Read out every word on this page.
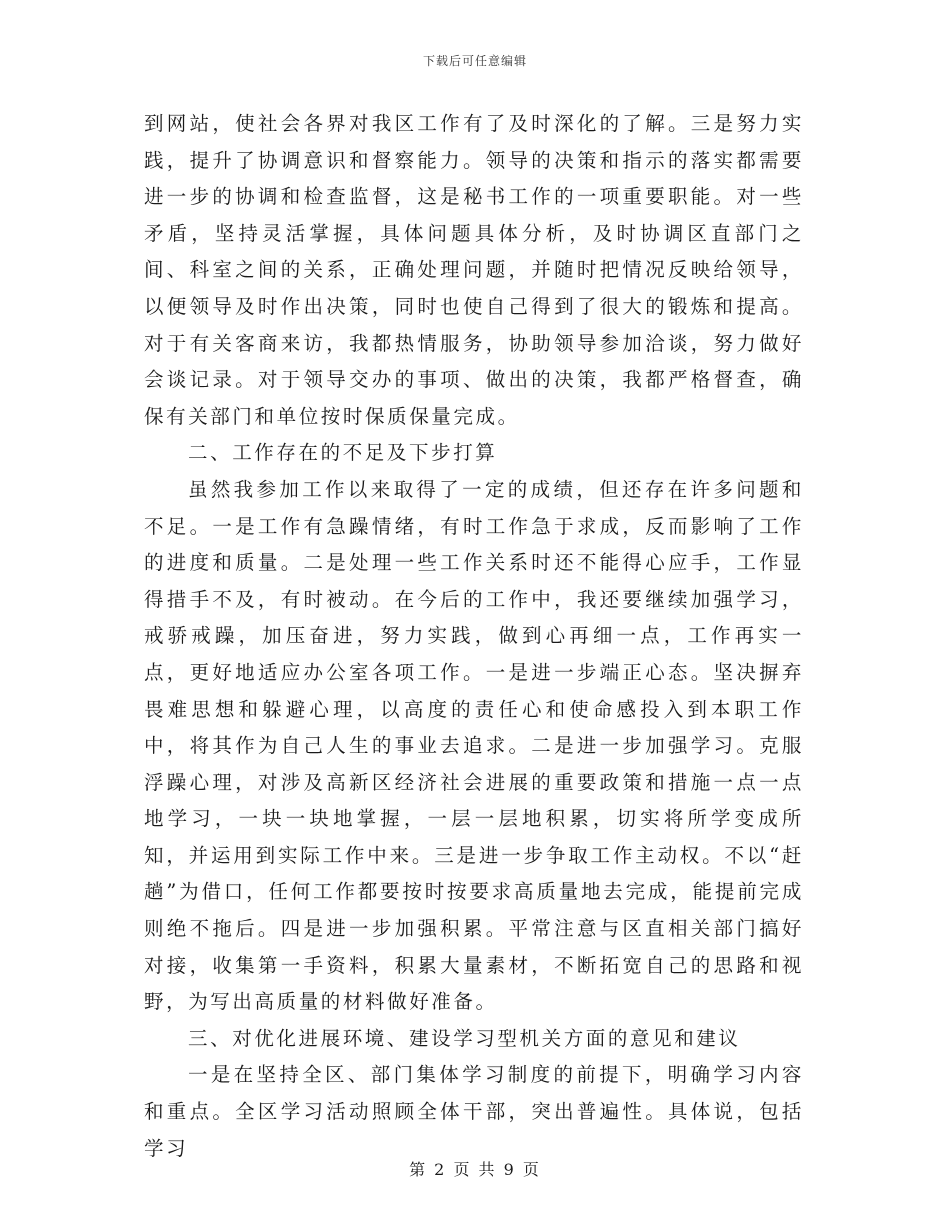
下载后可任意编辑

到网站，使社会各界对我区工作有了及时深化的了解。三是努力实践，提升了协调意识和督察能力。领导的决策和指示的落实都需要进一步的协调和检查监督，这是秘书工作的一项重要职能。对一些矛盾，坚持灵活掌握，具体问题具体分析，及时协调区直部门之间、科室之间的关系，正确处理问题，并随时把情况反映给领导，以便领导及时作出决策，同时也使自己得到了很大的锻炼和提高。对于有关客商来访，我都热情服务，协助领导参加洽谈，努力做好会谈记录。对于领导交办的事项、做出的决策，我都严格督查，确保有关部门和单位按时保质保量完成。

二、工作存在的不足及下步打算

虽然我参加工作以来取得了一定的成绩，但还存在许多问题和不足。一是工作有急躁情绪，有时工作急于求成，反而影响了工作的进度和质量。二是处理一些工作关系时还不能得心应手，工作显得措手不及，有时被动。在今后的工作中，我还要继续加强学习，戒骄戒躁，加压奋进，努力实践，做到心再细一点，工作再实一点，更好地适应办公室各项工作。一是进一步端正心态。坚决摒弃畏难思想和躲避心理，以高度的责任心和使命感投入到本职工作中，将其作为自己人生的事业去追求。二是进一步加强学习。克服浮躁心理，对涉及高新区经济社会进展的重要政策和措施一点一点地学习，一块一块地掌握，一层一层地积累，切实将所学变成所知，并运用到实际工作中来。三是进一步争取工作主动权。不以“赶趟”为借口，任何工作都要按时按要求高质量地去完成，能提前完成则绝不拖后。四是进一步加强积累。平常注意与区直相关部门搞好对接，收集第一手资料，积累大量素材，不断拓宽自己的思路和视野，为写出高质量的材料做好准备。

三、对优化进展环境、建设学习型机关方面的意见和建议

一是在坚持全区、部门集体学习制度的前提下，明确学习内容和重点。全区学习活动照顾全体干部，突出普遍性。具体说，包括学习

第 2 页 共 9 页
